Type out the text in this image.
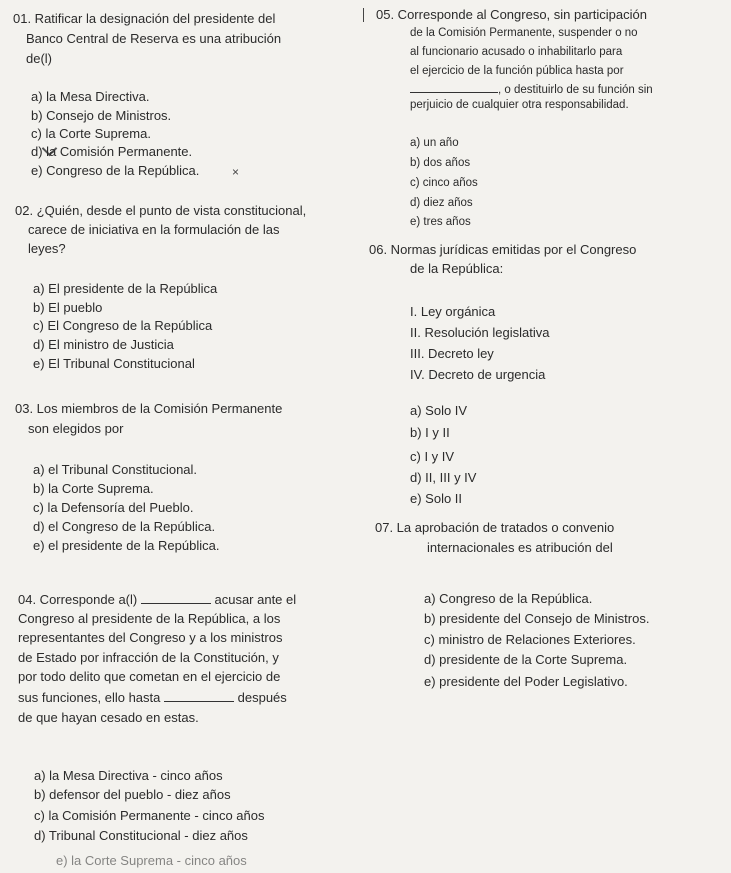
01. Ratificar la designación del presidente del
Banco Central de Reserva es una atribución
de(l)
a) la Mesa Directiva.
b) Consejo de Ministros.
c) la Corte Suprema.
d) la Comisión Permanente.
e) Congreso de la República.	×
02. ¿Quién, desde el punto de vista constitucional,
carece de iniciativa en la formulación de las
leyes?
a) El presidente de la República
b) El pueblo
c) El Congreso de la República
d) El ministro de Justicia
e) El Tribunal Constitucional
03. Los miembros de la Comisión Permanente
son elegidos por
a) el Tribunal Constitucional.
b) la Corte Suprema.
c) la Defensoría del Pueblo.
d) el Congreso de la República.
e) el presidente de la República.
04. Corresponde a(l)	acusar ante el
Congreso al presidente de la República, a los
representantes del Congreso y a los ministros
de Estado por infracción de la Constitución, y
por todo delito que cometan en el ejercicio de
sus funciones, ello hasta	después
de que hayan cesado en estas.
a) la Mesa Directiva - cinco años
b) defensor del pueblo - diez años
c) la Comisión Permanente - cinco años
d) Tribunal Constitucional - diez años
e) la Corte Suprema - cinco años
05. Corresponde al Congreso, sin participación
de la Comisión Permanente, suspender o no
al funcionario acusado o inhabilitarlo para
el ejercicio de la función pública hasta por
, o destituirlo de su función sin
perjuicio de cualquier otra responsabilidad.
a) un año
b) dos años
c) cinco años
d) diez años
e) tres años
06. Normas jurídicas emitidas por el Congreso
de la República:
I. Ley orgánica
II. Resolución legislativa
III. Decreto ley
IV. Decreto de urgencia
a) Solo IV
b) I y II
c) I y IV
d) II, III y IV
e) Solo II
07. La aprobación de tratados o convenio
internacionales es atribución del
a) Congreso de la República.
b) presidente del Consejo de Ministros.
c) ministro de Relaciones Exteriores.
d) presidente de la Corte Suprema.
e) presidente del Poder Legislativo.
